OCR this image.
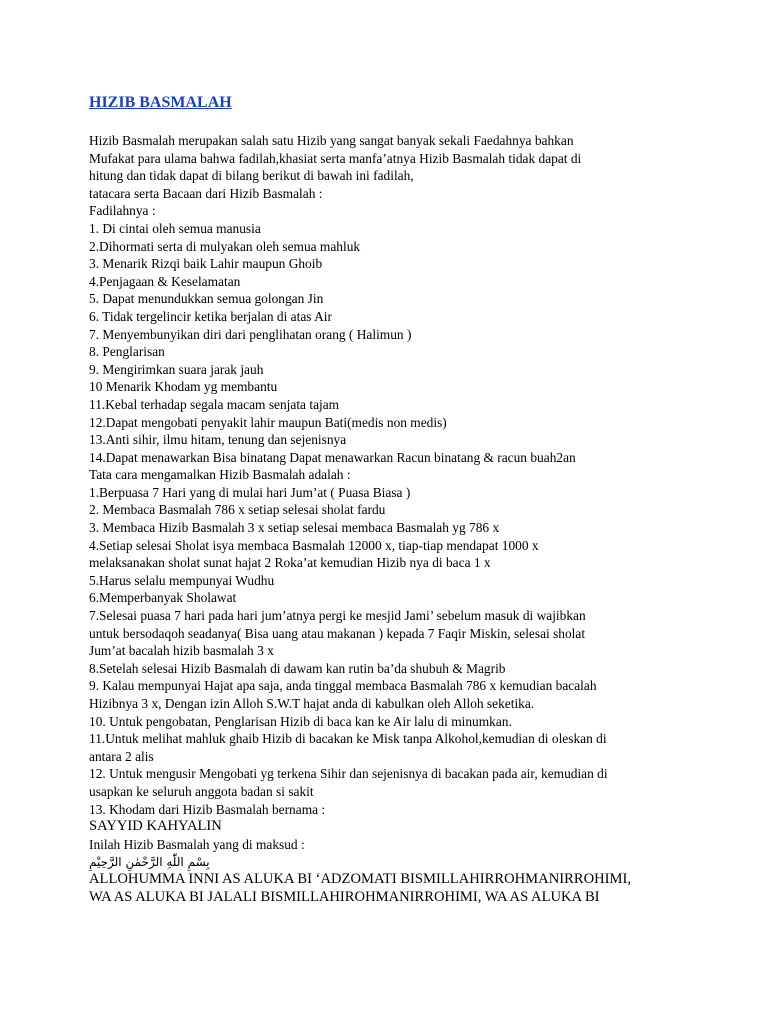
HIZIB BASMALAH
Hizib Basmalah merupakan salah satu Hizib yang sangat banyak sekali Faedahnya bahkan
Mufakat para ulama bahwa fadilah,khasiat serta manfa’atnya Hizib Basmalah tidak dapat di
hitung dan tidak dapat di bilang berikut di bawah ini fadilah,
tatacara serta Bacaan dari Hizib Basmalah :
Fadilahnya :
1. Di cintai oleh semua manusia
2.Dihormati serta di mulyakan oleh semua mahluk
3. Menarik Rizqi baik Lahir maupun Ghoib
4.Penjagaan & Keselamatan
5. Dapat menundukkan semua golongan Jin
6. Tidak tergelincir ketika berjalan di atas Air
7. Menyembunyikan diri dari penglihatan orang ( Halimun )
8. Penglarisan
9. Mengirimkan suara jarak jauh
10 Menarik Khodam yg membantu
11.Kebal terhadap segala macam senjata tajam
12.Dapat mengobati penyakit lahir maupun Bati(medis non medis)
13.Anti sihir, ilmu hitam, tenung dan sejenisnya
14.Dapat menawarkan Bisa binatang Dapat menawarkan Racun binatang & racun buah2an
Tata cara mengamalkan Hizib Basmalah adalah :
1.Berpuasa 7 Hari yang di mulai hari Jum’at ( Puasa Biasa )
2. Membaca Basmalah 786 x setiap selesai sholat fardu
3. Membaca Hizib Basmalah 3 x setiap selesai membaca Basmalah yg 786 x
4.Setiap selesai Sholat isya membaca Basmalah 12000 x, tiap-tiap mendapat 1000 x
melaksanakan sholat sunat hajat 2 Roka’at kemudian Hizib nya di baca 1 x
5.Harus selalu mempunyai Wudhu
6.Memperbanyak Sholawat
7.Selesai puasa 7 hari pada hari jum’atnya pergi ke mesjid Jami’ sebelum masuk di wajibkan
untuk bersodaqoh seadanya( Bisa uang atau makanan ) kepada 7 Faqir Miskin, selesai sholat
Jum’at bacalah hizib basmalah 3 x
8.Setelah selesai Hizib Basmalah di dawam kan rutin ba’da shubuh & Magrib
9. Kalau mempunyai Hajat apa saja, anda tinggal membaca Basmalah 786 x kemudian bacalah
Hizibnya 3 x, Dengan izin Alloh S.W.T hajat anda di kabulkan oleh Alloh seketika.
10. Untuk pengobatan, Penglarisan Hizib di baca kan ke Air lalu di minumkan.
11.Untuk melihat mahluk ghaib Hizib di bacakan ke Misk tanpa Alkohol,kemudian di oleskan di
antara 2 alis
12. Untuk mengusir Mengobati yg terkena Sihir dan sejenisnya di bacakan pada air, kemudian di
usapkan ke seluruh anggota badan si sakit
13. Khodam dari Hizib Basmalah bernama :
SAYYID KAHYALIN
Inilah Hizib Basmalah yang di maksud :
بِسْمِ اللّٰهِ الرَّحْمٰنِ الرَّحِيْمِ
ALLOHUMMA INNI AS ALUKA BI ‘ADZOMATI BISMILLAHIRROHMANIRROHIMI,
WA AS ALUKA BI JALALI BISMILLAHIROHMANIRROHIMI, WA AS ALUKA BI
